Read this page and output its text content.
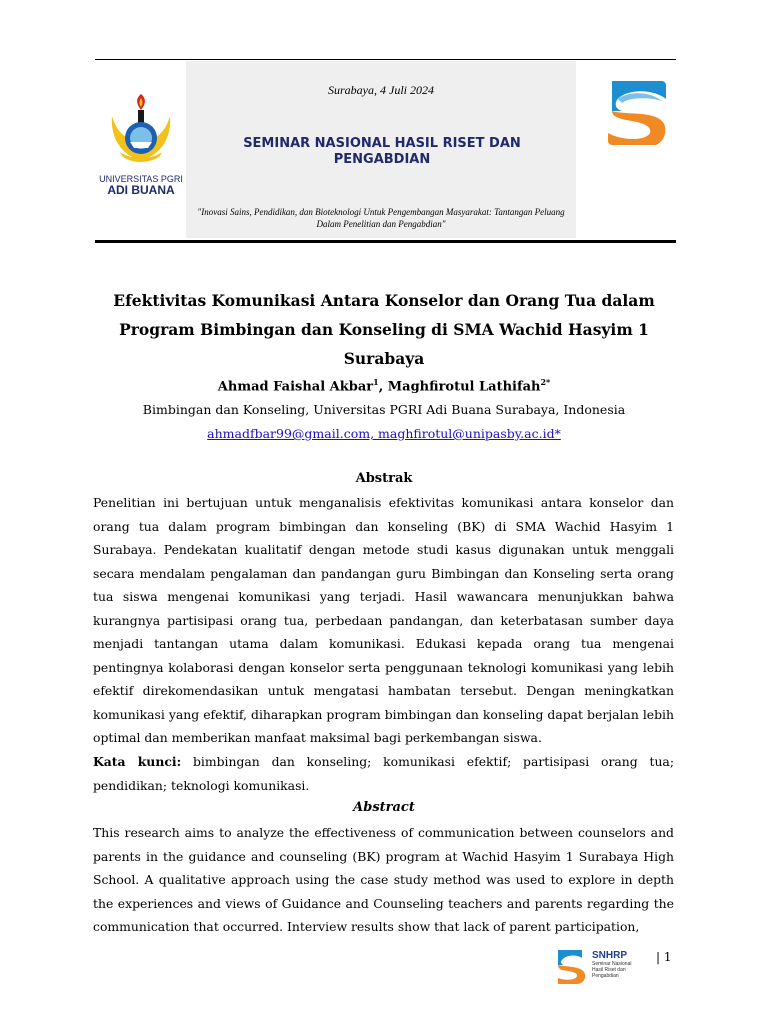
UNIVERSITAS PGRI
ADI BUANA
Surabaya, 4 Juli 2024
SEMINAR NASIONAL HASIL RISET DAN PENGABDIAN
"Inovasi Sains, Pendidikan, dan Bioteknologi Untuk Pengembangan Masyarakat: Tantangan Peluang Dalam Penelitian dan Pengabdian"
Efektivitas Komunikasi Antara Konselor dan Orang Tua dalam Program Bimbingan dan Konseling di SMA Wachid Hasyim 1 Surabaya
Ahmad Faishal Akbar$^1$, Maghfirotul Lathifah$^{2*}$
Bimbingan dan Konseling, Universitas PGRI Adi Buana Surabaya, Indonesia
ahmadfbar99@gmail.com, maghfirotul@unipasby.ac.id*
Abstrak

Penelitian ini bertujuan untuk menganalisis efektivitas komunikasi antara konselor dan orang tua dalam program bimbingan dan konseling (BK) di SMA Wachid Hasyim 1 Surabaya. Pendekatan kualitatif dengan metode studi kasus digunakan untuk menggali secara mendalam pengalaman dan pandangan guru Bimbingan dan Konseling serta orang tua siswa mengenai komunikasi yang terjadi. Hasil wawancara menunjukkan bahwa kurangnya partisipasi orang tua, perbedaan pandangan, dan keterbatasan sumber daya menjadi tantangan utama dalam komunikasi. Edukasi kepada orang tua mengenai pentingnya kolaborasi dengan konselor serta penggunaan teknologi komunikasi yang lebih efektif direkomendasikan untuk mengatasi hambatan tersebut. Dengan meningkatkan komunikasi yang efektif, diharapkan program bimbingan dan konseling dapat berjalan lebih optimal dan memberikan manfaat maksimal bagi perkembangan siswa.

Kata kunci: bimbingan dan konseling; komunikasi efektif; partisipasi orang tua; pendidikan; teknologi komunikasi.

Abstract

This research aims to analyze the effectiveness of communication between counselors and parents in the guidance and counseling (BK) program at Wachid Hasyim 1 Surabaya High School. A qualitative approach using the case study method was used to explore in depth the experiences and views of Guidance and Counseling teachers and parents regarding the communication that occurred. Interview results show that lack of parent participation,

SNHRP
Seminar Nasional
Hasil Riset dan
Pengabdian
| 1
